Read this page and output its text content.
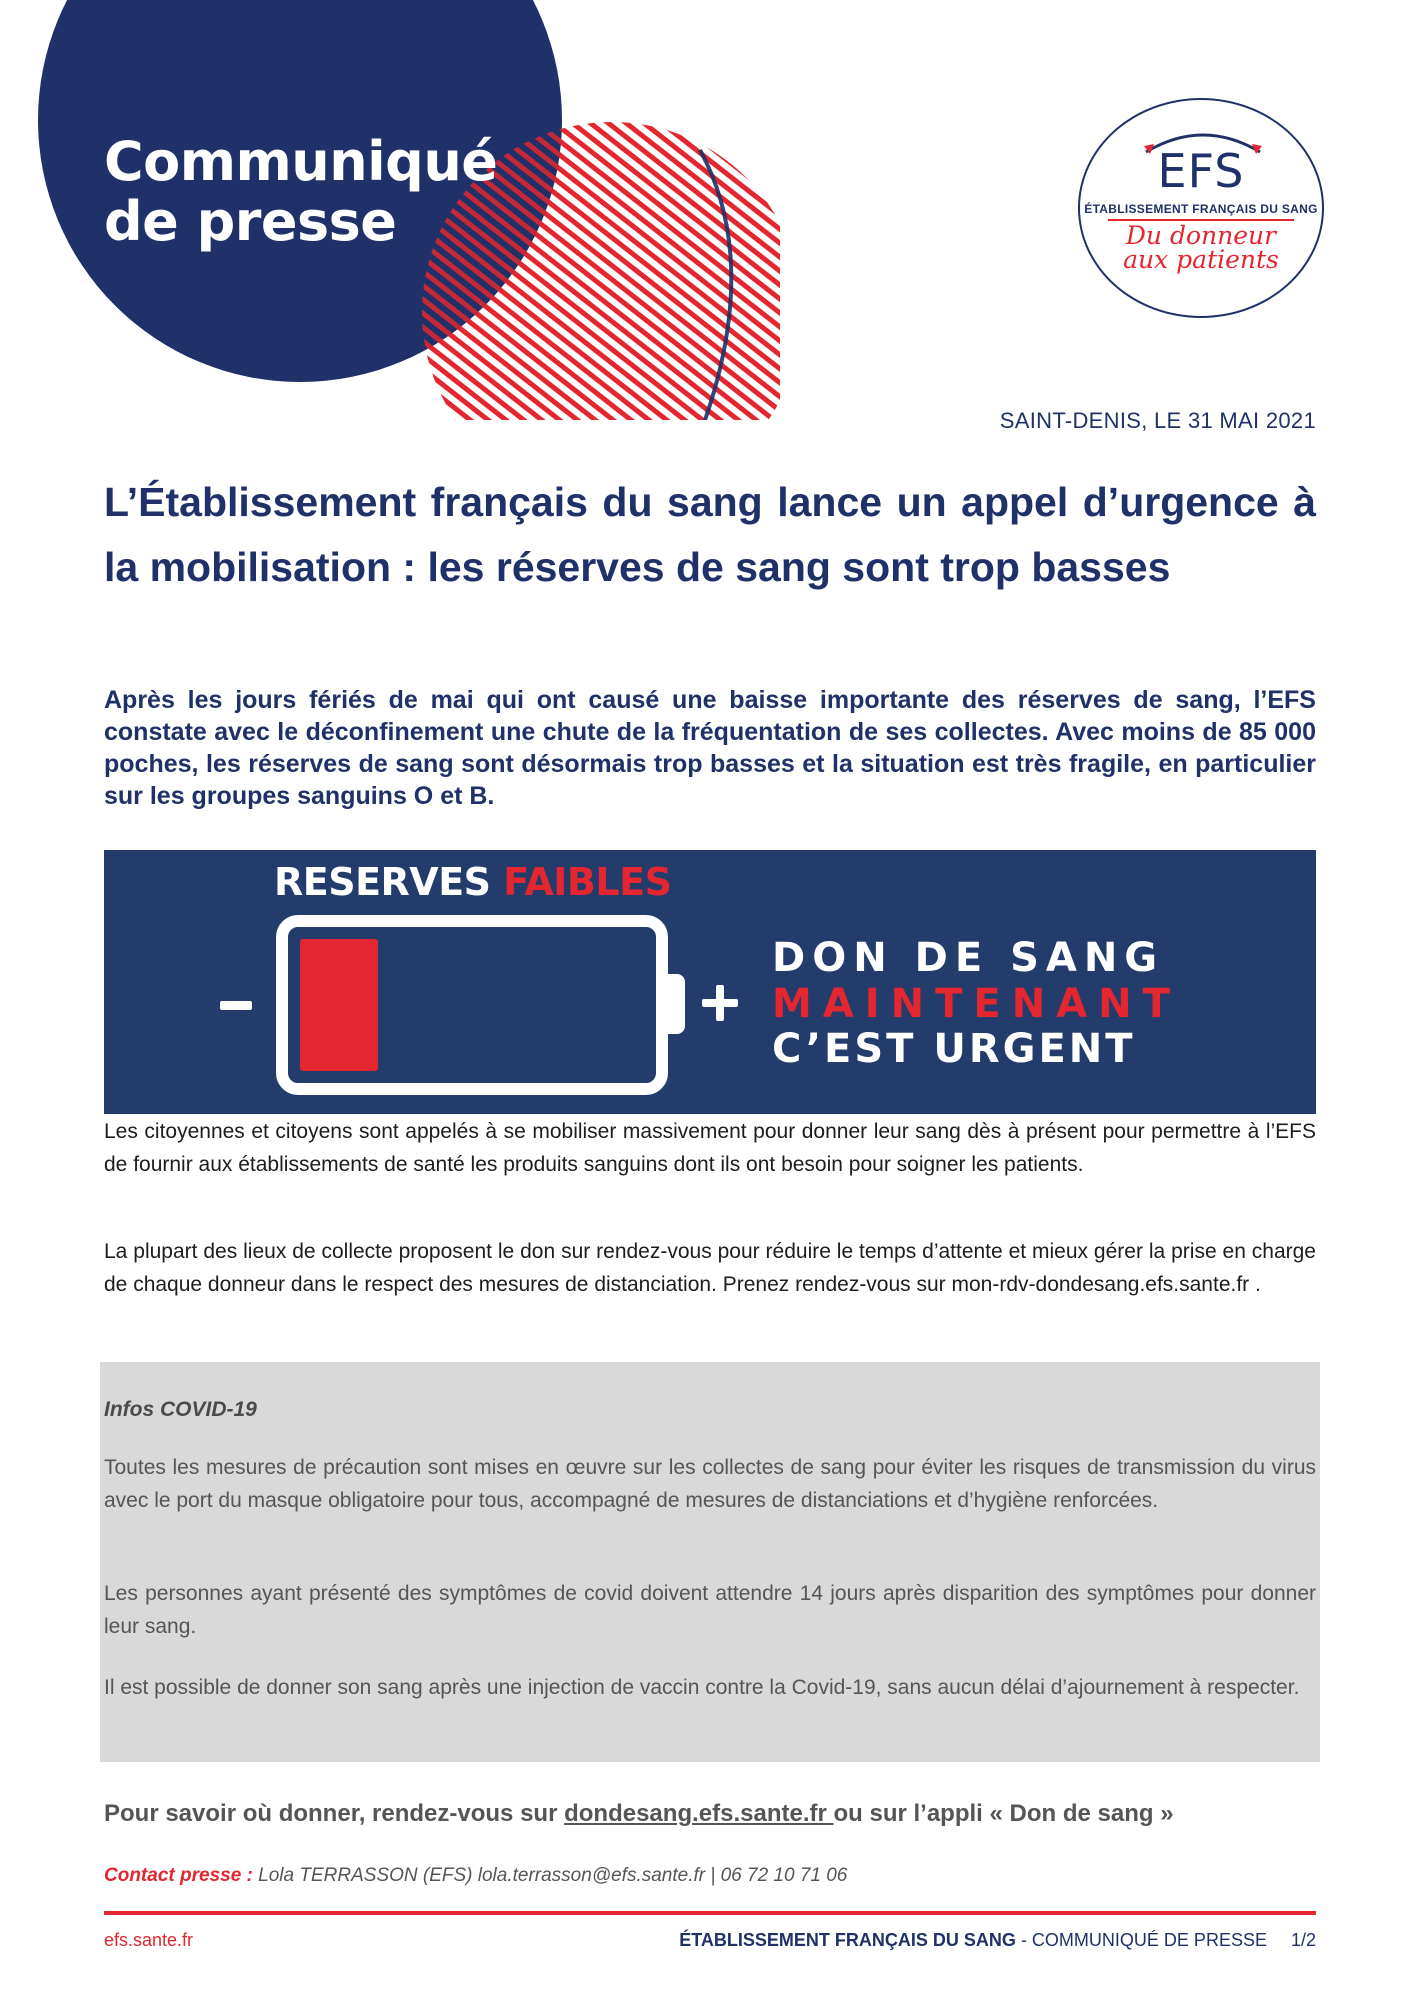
Communiqué
de presse
EFS
ÉTABLISSEMENT FRANÇAIS DU SANG
Du donneur
aux patients
SAINT-DENIS, LE 31 MAI 2021
L’Établissement français du sang lance un appel d’urgence à la mobilisation : les réserves de sang sont trop basses

Après les jours fériés de mai qui ont causé une baisse importante des réserves de sang, l’EFS constate avec le déconfinement une chute de la fréquentation de ses collectes. Avec moins de 85 000 poches, les réserves de sang sont désormais trop basses et la situation est très fragile, en particulier sur les groupes sanguins O et B.

RESERVES FAIBLES
DON DE SANG
MAINTENANT
C’EST URGENT

Les citoyennes et citoyens sont appelés à se mobiliser massivement pour donner leur sang dès à présent pour permettre à l’EFS de fournir aux établissements de santé les produits sanguins dont ils ont besoin pour soigner les patients.

La plupart des lieux de collecte proposent le don sur rendez-vous pour réduire le temps d’attente et mieux gérer la prise en charge de chaque donneur dans le respect des mesures de distanciation. Prenez rendez-vous sur mon-rdv-dondesang.efs.sante.fr .

Infos COVID-19

Toutes les mesures de précaution sont mises en œuvre sur les collectes de sang pour éviter les risques de transmission du virus avec le port du masque obligatoire pour tous, accompagné de mesures de distanciations et d’hygiène renforcées.

Les personnes ayant présenté des symptômes de covid doivent attendre 14 jours après disparition des symptômes pour donner leur sang.

Il est possible de donner son sang après une injection de vaccin contre la Covid-19, sans aucun délai d’ajournement à respecter.

Pour savoir où donner, rendez-vous sur dondesang.efs.sante.fr ou sur l’appli « Don de sang »
Contact presse : Lola TERRASSON (EFS) lola.terrasson@efs.sante.fr | 06 72 10 71 06
efs.sante.fr	ÉTABLISSEMENT FRANÇAIS DU SANG - COMMUNIQUÉ DE PRESSE 1/2
